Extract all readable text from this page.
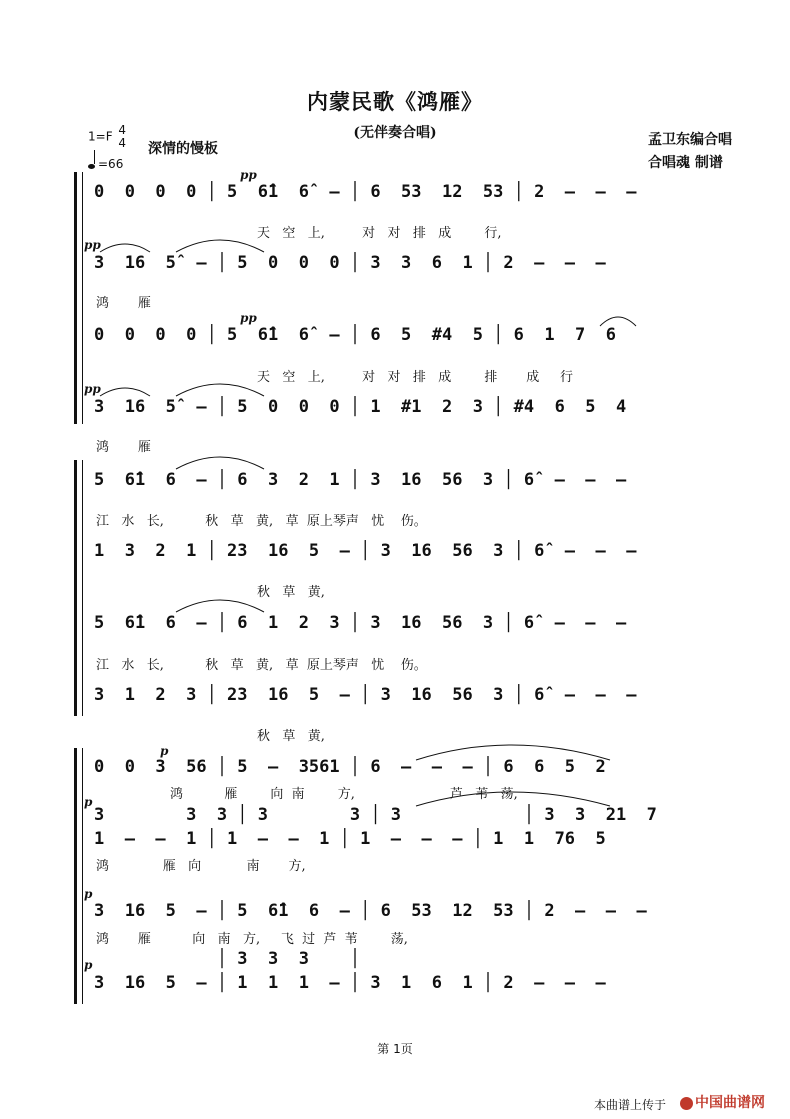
内蒙民歌《鸿雁》
(无伴奏合唱)
1=F 4
4
=66
深情的慢板
孟卫东编合唱
合唱魂 制谱
pp
0  0  0  0 │ 5  6̂1  6̂  – │ 6  53  12  53 │ 2  –  –  –
天   空   上,         对   对   排   成        行,
pp
3  16  5̂  – │ 5  0  0  0 │ 3  3  6  1 │ 2  –  –  –
鸿       雁
pp
0  0  0  0 │ 5  6̂1  6̂  – │ 6  5  #4  5 │ 6  1  7  6
天   空   上,         对   对   排   成        排       成     行
pp
3  16  5̂  – │ 5  0  0  0 │ 1  #1  2  3 │ #4  6  5  4
鸿       雁
5  6̂1  6  – │ 6  3  2  1 │ 3  16  56  3 │ 6̂  –  –  –
江   水   长,          秋   草   黄,   草  原上琴声   忧    伤。
1  3  2  1 │ 23  16  5  – │ 3  16  56  3 │ 6̂  –  –  –
秋   草   黄,
5  6̂1  6  – │ 6  1  2  3 │ 3  16  56  3 │ 6̂  –  –  –
江   水   长,          秋   草   黄,   草  原上琴声   忧    伤。
3  1  2  3 │ 23  16  5  – │ 3  16  56  3 │ 6̂  –  –  –
秋   草   黄,
p
0  0  3  56 │ 5  –  3561 │ 6  –  –  – │ 6  6  5  2
鸿          雁        向  南        方,                       芦   苇   荡,
p
3        3  3 │ 3        3 │ 3            │ 3  3  21  7
1  –  –  1 │ 1  –  –  1 │ 1  –  –  – │ 1  1  76  5
鸿             雁   向           南       方,
p
3  16  5  – │ 5  6̂1  6  – │ 6  53  12  53 │ 2  –  –  –
鸿       雁          向   南   方,     飞  过  芦  苇        荡,
│ 3  3  3    │
p
3  16  5  – │ 1  1  1  – │ 3  1  6  1 │ 2  –  –  –
第 1页
本曲谱上传于	中国曲谱网
